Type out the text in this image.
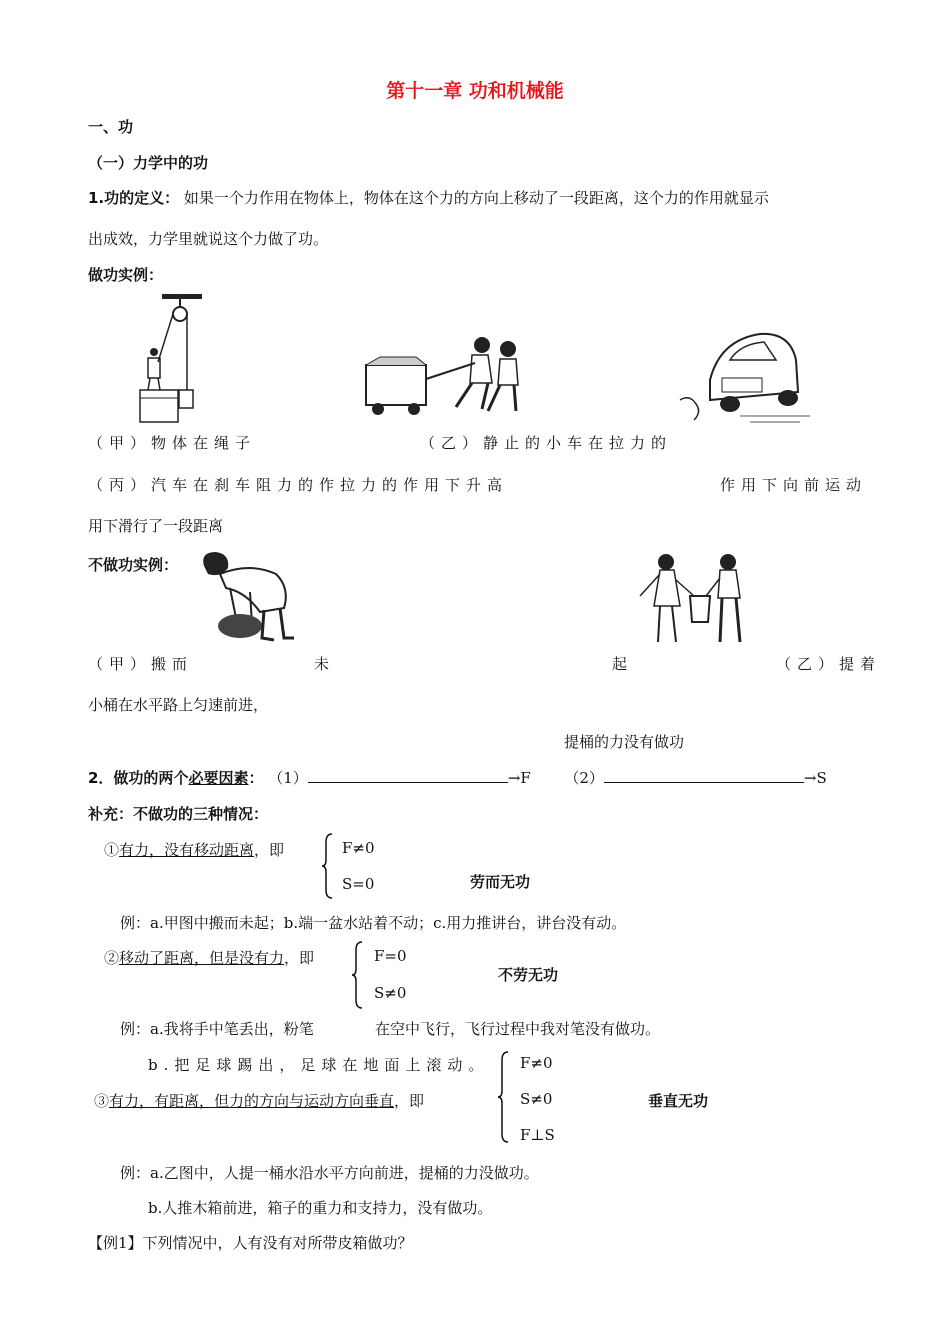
第十一章 功和机械能
一、功
（一）力学中的功
1.功的定义： 如果一个力作用在物体上，物体在这个力的方向上移动了一段距离，这个力的作用就显示
出成效，力学里就说这个力做了功。
做功实例：
（甲）物体在绳子	（乙）静止的小车在拉力的
（丙）汽车在刹车阻力的作拉力的作用下升高	作用下向前运动
用下滑行了一段距离
不做功实例：
（甲）搬而	未	起	（乙）提着
小桶在水平路上匀速前进，
提桶的力没有做功
2．做功的两个必要因素： （1）	→F （2）	→S
补充：不做功的三种情况：
①有力，没有移动距离，即	F≠0
S=0	劳而无功
例：a.甲图中搬而未起；b.端一盆水站着不动；c.用力推讲台，讲台没有动。
②移动了距离，但是没有力，即	F=0
S≠0
不劳无功
例：a.我将手中笔丢出，粉笔	在空中飞行，飞行过程中我对笔没有做功。
b.把足球踢出，足球在地面上滚动。
③有力，有距离，但力的方向与运动方向垂直，即
F≠0
S≠0
F⊥S
垂直无功
例：a.乙图中，人提一桶水沿水平方向前进，提桶的力没做功。
b.人推木箱前进，箱子的重力和支持力，没有做功。
【例1】下列情况中，人有没有对所带皮箱做功？
